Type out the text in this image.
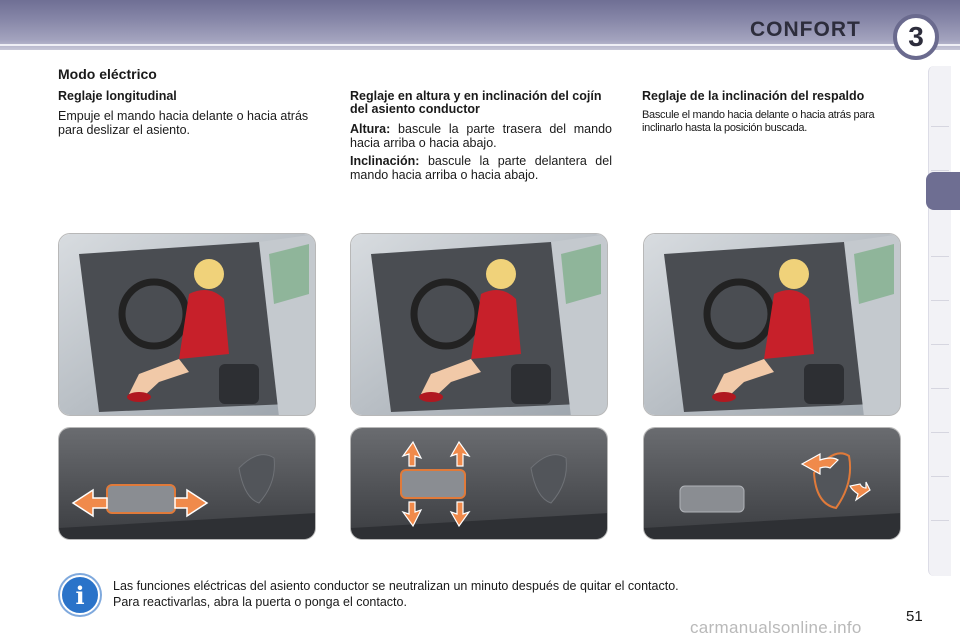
CONFORT	3
Modo eléctrico
Reglaje longitudinal

Empuje el mando hacia delante o hacia atrás para deslizar el asiento.

Reglaje en altura y en inclinación del cojín del asiento conductor

Altura: bascule la parte trasera del mando hacia arriba o hacia abajo.

Inclinación: bascule la parte delantera del mando hacia arriba o hacia abajo.

Reglaje de la inclinación del respaldo

Bascule el mando hacia delante o hacia atrás para inclinarlo hasta la posición buscada.

i	Las funciones eléctricas del asiento conductor se neutralizan un minuto después de quitar el contacto.
Para reactivarlas, abra la puerta o ponga el contacto.
51
carmanualsonline.info
